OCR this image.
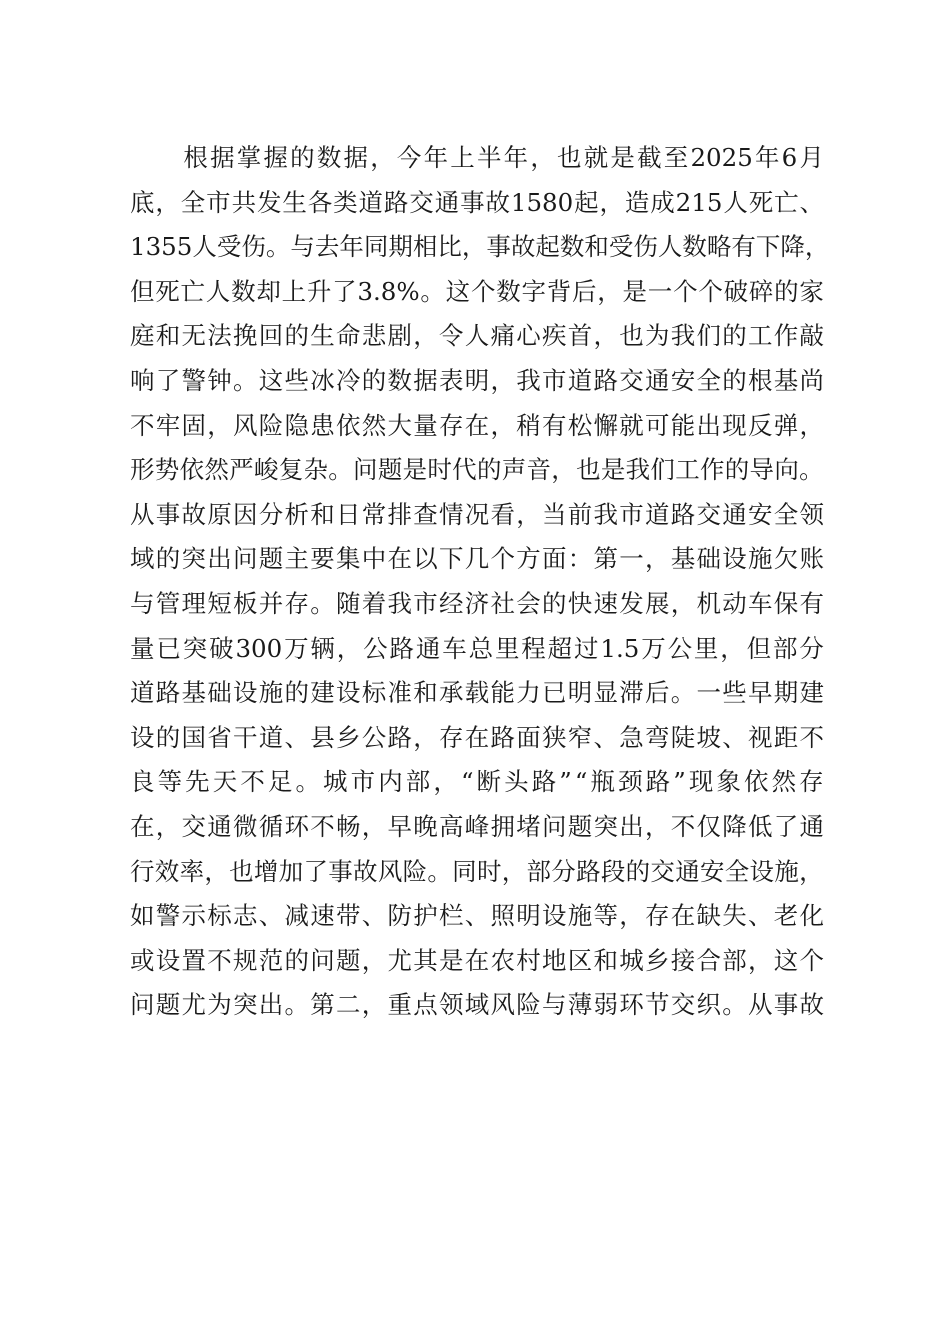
根 据 掌 握 的 数 据 ， 今 年 上 半 年 ， 也 就 是 截 至 2025 年 6 月
底 ， 全 市 共 发 生 各 类 道 路 交 通 事 故 1580 起 ， 造 成 215 人 死 亡 、
1355 人 受 伤 。 与 去 年 同 期 相 比 ， 事 故 起 数 和 受 伤 人 数 略 有 下 降 ，
但 死 亡 人 数 却 上 升 了 3.8% 。 这 个 数 字 背 后 ， 是 一 个 个 破 碎 的 家
庭 和 无 法 挽 回 的 生 命 悲 剧 ， 令 人 痛 心 疾 首 ， 也 为 我 们 的 工 作 敲
响 了 警 钟 。 这 些 冰 冷 的 数 据 表 明 ， 我 市 道 路 交 通 安 全 的 根 基 尚
不 牢 固 ， 风 险 隐 患 依 然 大 量 存 在 ， 稍 有 松 懈 就 可 能 出 现 反 弹 ，
形 势 依 然 严 峻 复 杂 。 问 题 是 时 代 的 声 音 ， 也 是 我 们 工 作 的 导 向 。
从 事 故 原 因 分 析 和 日 常 排 查 情 况 看 ， 当 前 我 市 道 路 交 通 安 全 领
域 的 突 出 问 题 主 要 集 中 在 以 下 几 个 方 面 ： 第 一 ， 基 础 设 施 欠 账
与 管 理 短 板 并 存 。 随 着 我 市 经 济 社 会 的 快 速 发 展 ， 机 动 车 保 有
量 已 突 破 300 万 辆 ， 公 路 通 车 总 里 程 超 过 1.5 万 公 里 ， 但 部 分
道 路 基 础 设 施 的 建 设 标 准 和 承 载 能 力 已 明 显 滞 后 。 一 些 早 期 建
设 的 国 省 干 道 、 县 乡 公 路 ， 存 在 路 面 狭 窄 、 急 弯 陡 坡 、 视 距 不
良 等 先 天 不 足 。 城 市 内 部 ， “ 断 头 路 ” “ 瓶 颈 路 ” 现 象 依 然 存
在 ， 交 通 微 循 环 不 畅 ， 早 晚 高 峰 拥 堵 问 题 突 出 ， 不 仅 降 低 了 通
行 效 率 ， 也 增 加 了 事 故 风 险 。 同 时 ， 部 分 路 段 的 交 通 安 全 设 施 ，
如 警 示 标 志 、 减 速 带 、 防 护 栏 、 照 明 设 施 等 ， 存 在 缺 失 、 老 化
或 设 置 不 规 范 的 问 题 ， 尤 其 是 在 农 村 地 区 和 城 乡 接 合 部 ， 这 个
问 题 尤 为 突 出 。 第 二 ， 重 点 领 域 风 险 与 薄 弱 环 节 交 织 。 从 事 故
